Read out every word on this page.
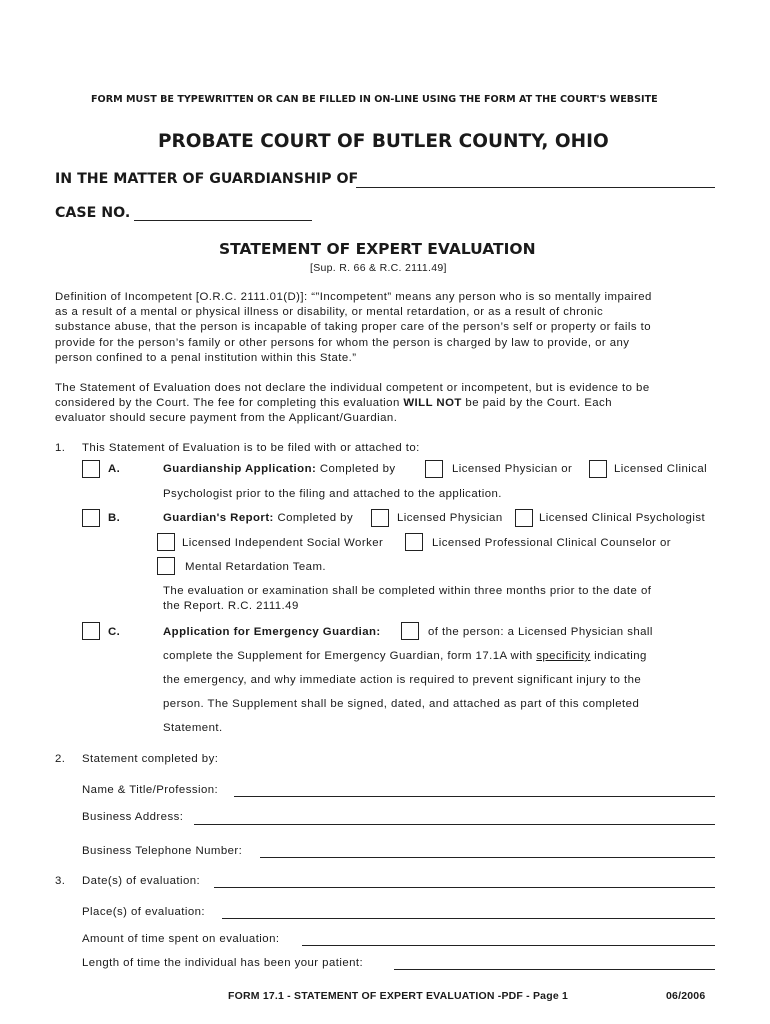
FORM MUST BE TYPEWRITTEN OR CAN BE FILLED IN ON-LINE USING THE FORM AT THE COURT'S WEBSITE
PROBATE COURT OF BUTLER COUNTY, OHIO
IN THE MATTER OF GUARDIANSHIP OF
CASE NO.
STATEMENT OF EXPERT EVALUATION
[Sup. R. 66 & R.C. 2111.49]
Definition of Incompetent [O.R.C. 2111.01(D)]: “”Incompetent” means any person who is so mentally impaired
as a result of a mental or physical illness or disability, or mental retardation, or as a result of chronic
substance abuse, that the person is incapable of taking proper care of the person’s self or property or fails to
provide for the person’s family or other persons for whom the person is charged by law to provide, or any
person confined to a penal institution within this State.”
The Statement of Evaluation does not declare the individual competent or incompetent, but is evidence to be
considered by the Court. The fee for completing this evaluation WILL NOT be paid by the Court. Each
evaluator should secure payment from the Applicant/Guardian.
1. This Statement of Evaluation is to be filed with or attached to:
A.	Guardianship Application: Completed by	Licensed Physician or	Licensed Clinical
Psychologist prior to the filing and attached to the application.
B.	Guardian's Report: Completed by	Licensed Physician	Licensed Clinical Psychologist
Licensed Independent Social Worker	Licensed Professional Clinical Counselor or
Mental Retardation Team.
The evaluation or examination shall be completed within three months prior to the date of
the Report. R.C. 2111.49
C.	Application for Emergency Guardian:	of the person: a Licensed Physician shall
complete the Supplement for Emergency Guardian, form 17.1A with specificity indicating
the emergency, and why immediate action is required to prevent significant injury to the
person. The Supplement shall be signed, dated, and attached as part of this completed
Statement.
2. Statement completed by:
Name & Title/Profession:
Business Address:
Business Telephone Number:
3. Date(s) of evaluation:
Place(s) of evaluation:
Amount of time spent on evaluation:
Length of time the individual has been your patient:
FORM 17.1 - STATEMENT OF EXPERT EVALUATION -PDF - Page 1	06/2006
